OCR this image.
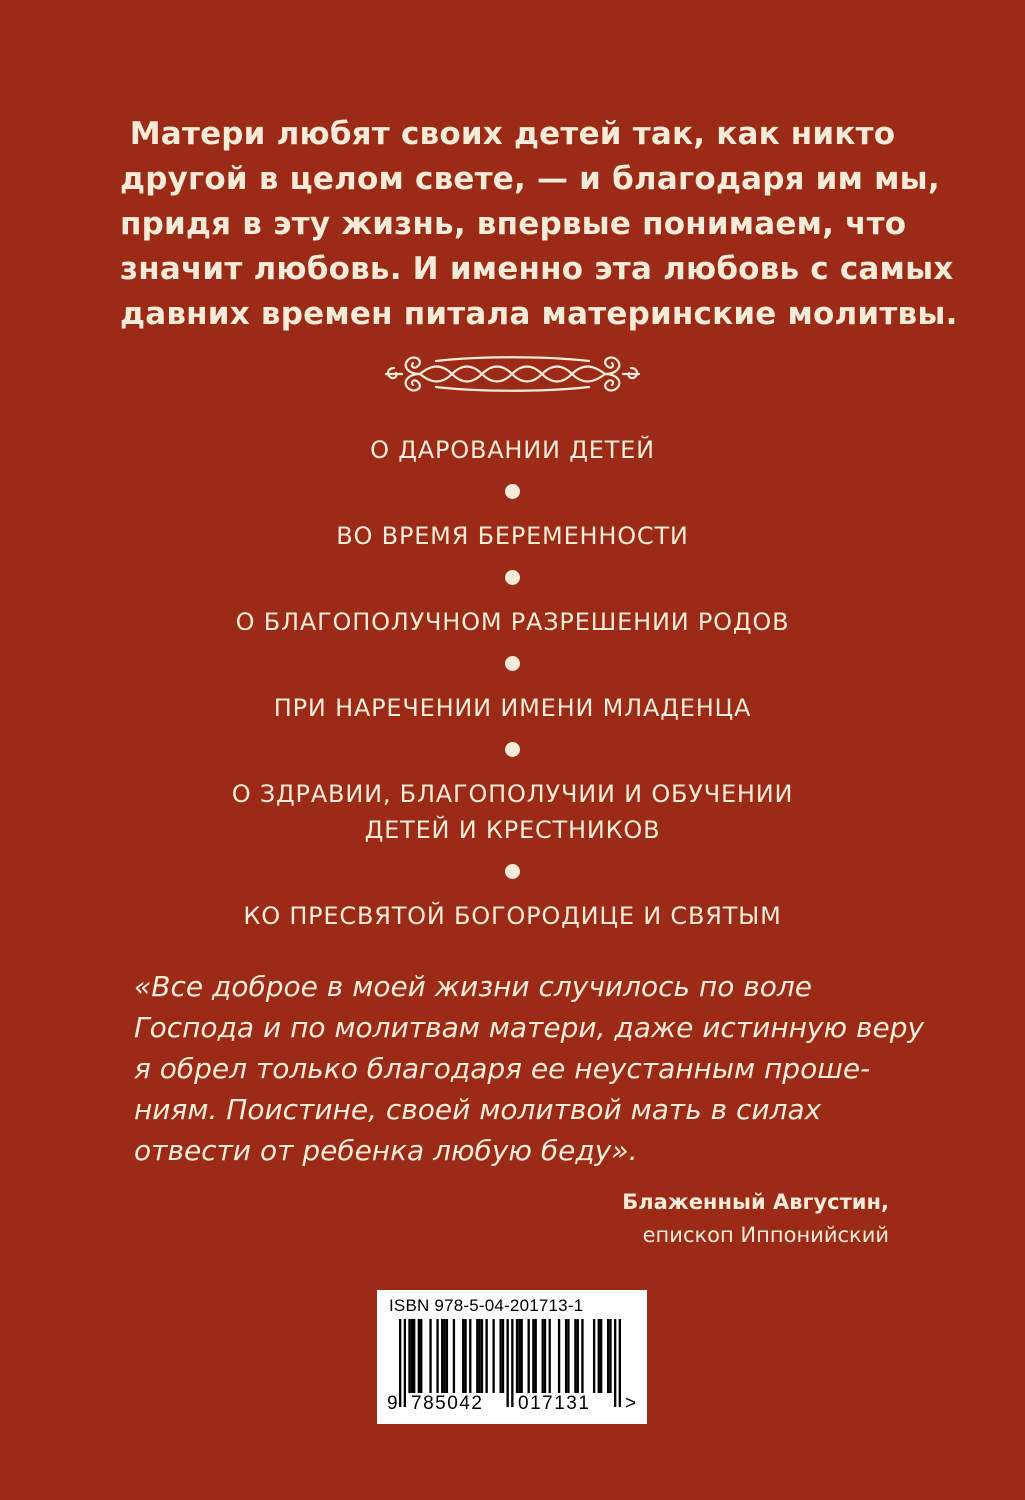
Матери любят своих детей так, как никто
другой в целом свете, — и благодаря им мы,
придя в эту жизнь, впервые понимаем, что
значит любовь. И именно эта любовь с самых
давних времен питала материнские молитвы.
О ДАРОВАНИИ ДЕТЕЙ
ВО ВРЕМЯ БЕРЕМЕННОСТИ
О БЛАГОПОЛУЧНОМ РАЗРЕШЕНИИ РОДОВ
ПРИ НАРЕЧЕНИИ ИМЕНИ МЛАДЕНЦА
О ЗДРАВИИ, БЛАГОПОЛУЧИИ И ОБУЧЕНИИ
ДЕТЕЙ И КРЕСТНИКОВ
КО ПРЕСВЯТОЙ БОГОРОДИЦЕ И СВЯТЫМ
«Все доброе в моей жизни случилось по воле
Господа и по молитвам матери, даже истинную веру
я обрел только благодаря ее неустанным проше-
ниям. Поистине, своей молитвой мать в силах
отвести от ребенка любую беду».
Блаженный Августин,
епископ Иппонийский
ISBN 978-5-04-201713-1
9 785042 017131 >
